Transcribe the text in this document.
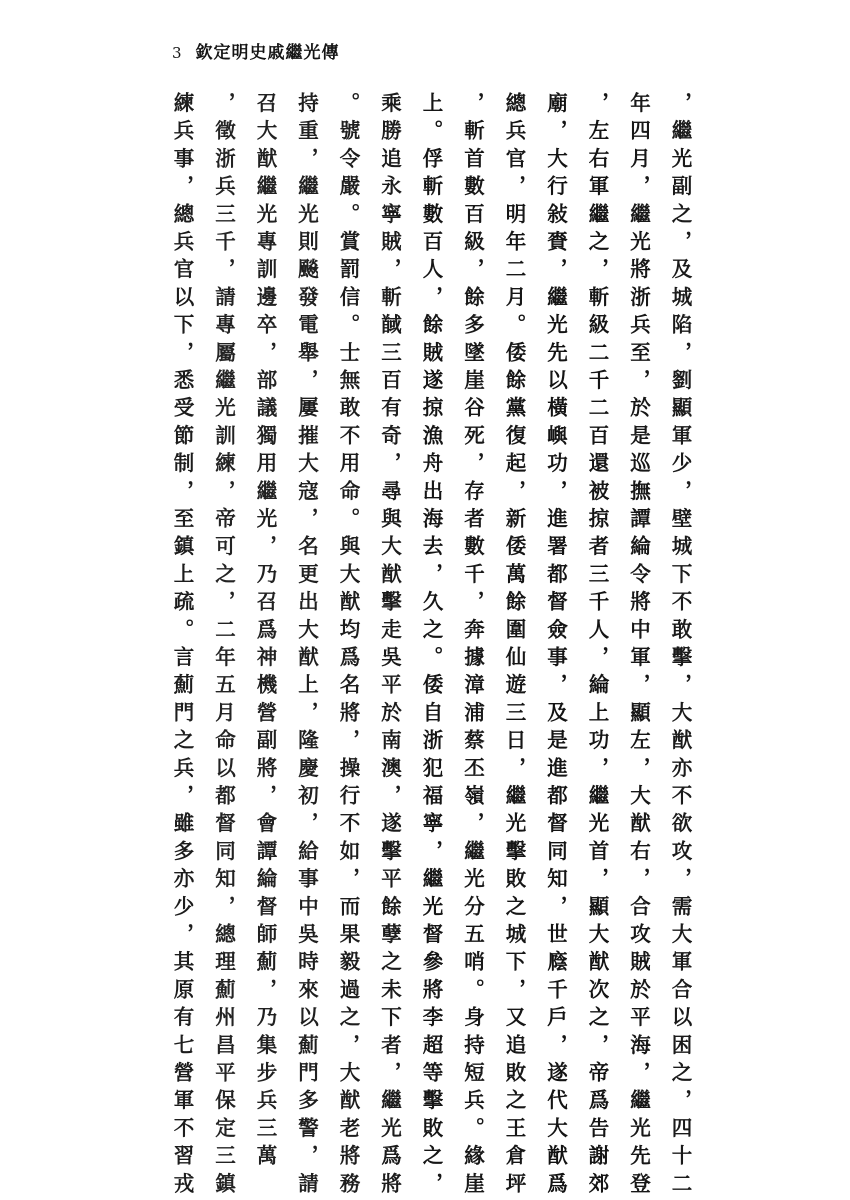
3 欽定明史戚繼光傳
，繼光副之，及城陷，劉顯軍少，壁城下不敢擊，大猷亦不欲攻，需大軍合以困之，四十二
年四月，繼光將浙兵至，於是巡撫譚綸令將中軍，顯左，大猷右，合攻賊於平海，繼光先登
，左右軍繼之，斬級二千二百還被掠者三千人，綸上功，繼光首，顯大猷次之，帝爲告謝郊
廟，大行敍賚，繼光先以橫嶼功，進署都督僉事，及是進都督同知，世廕千戶，遂代大猷爲
總兵官，明年二月。倭餘黨復起，新倭萬餘圍仙遊三日，繼光擊敗之城下，又追敗之王倉坪
，斬首數百級，餘多墜崖谷死，存者數千，奔據漳浦蔡丕嶺，繼光分五哨。身持短兵。緣崖
上。俘斬數百人，餘賊遂掠漁舟出海去，久之。倭自浙犯福寧，繼光督參將李超等擊敗之，
乘勝追永寧賊，斬馘三百有奇，尋與大猷擊走吳平於南澳，遂擊平餘孽之未下者，繼光爲將
。號令嚴。賞罰信。士無敢不用命。與大猷均爲名將，操行不如，而果毅過之，大猷老將務
持重，繼光則飈發電舉，屢摧大寇，名更出大猷上，隆慶初，給事中吳時來以薊門多警，請
召大猷繼光專訓邊卒，部議獨用繼光，乃召爲神機營副將，會譚綸督師薊，乃集步兵三萬
，徵浙兵三千，請專屬繼光訓練，帝可之，二年五月命以都督同知，總理薊州昌平保定三鎮
練兵事，總兵官以下，悉受節制，至鎮上疏。言薊門之兵，雖多亦少，其原有七營軍不習戎
